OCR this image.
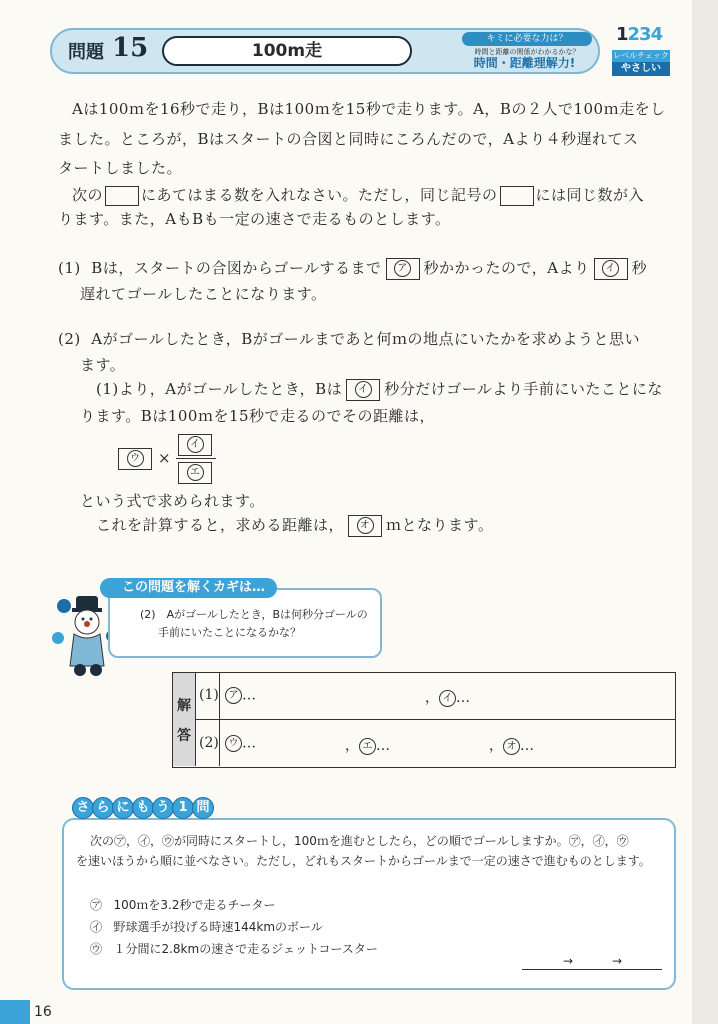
問題 15	100m走
キミに必要な力は？
時間と距離の関係がわかるかな？
時間・距離理解力!
1234
レベルチェック
やさしい
Aは100ｍを16秒で走り，Bは100ｍを15秒で走ります。A，Bの２人で100ｍ走をし
ました。ところが，Bはスタートの合図と同時にころんだので，Aより４秒遅れてス
タートしました。
次の	にあてはまる数を入れなさい。ただし，同じ記号の	には同じ数が入
ります。また，AもBも一定の速さで走るものとします。
(1) Bは，スタートの合図からゴールするまで ア 秒かかったので，Aより イ 秒
遅れてゴールしたことになります。
(2) Aがゴールしたとき，Bがゴールまであと何ｍの地点にいたかを求めようと思い
ます。
(1)より，Aがゴールしたとき，Bは イ 秒分だけゴールより手前にいたことにな
ります。Bは100ｍを15秒で走るのでその距離は，
ウ	×
イ
エ
という式で求められます。
これを計算すると，求める距離は， オ ｍとなります。
この問題を解くカギは…
(2)　Aがゴールしたとき，Bは何秒分ゴールの
手前にいたことになるかな？
解
答
(1) ア …	， イ …
(2) ウ …	， エ …	， オ …
さ ら に も う 1 問
次の㋐，㋑，㋒が同時にスタートし，100ｍを進むとしたら，どの順でゴールしますか。㋐，㋑，㋒
を速いほうから順に並べなさい。ただし，どれもスタートからゴールまで一定の速さで進むものとします。
㋐ 100ｍを3.2秒で走るチーター
㋑ 野球選手が投げる時速144kmのボール
㋒ １分間に2.8kmの速さで走るジェットコースター
→	→
16
